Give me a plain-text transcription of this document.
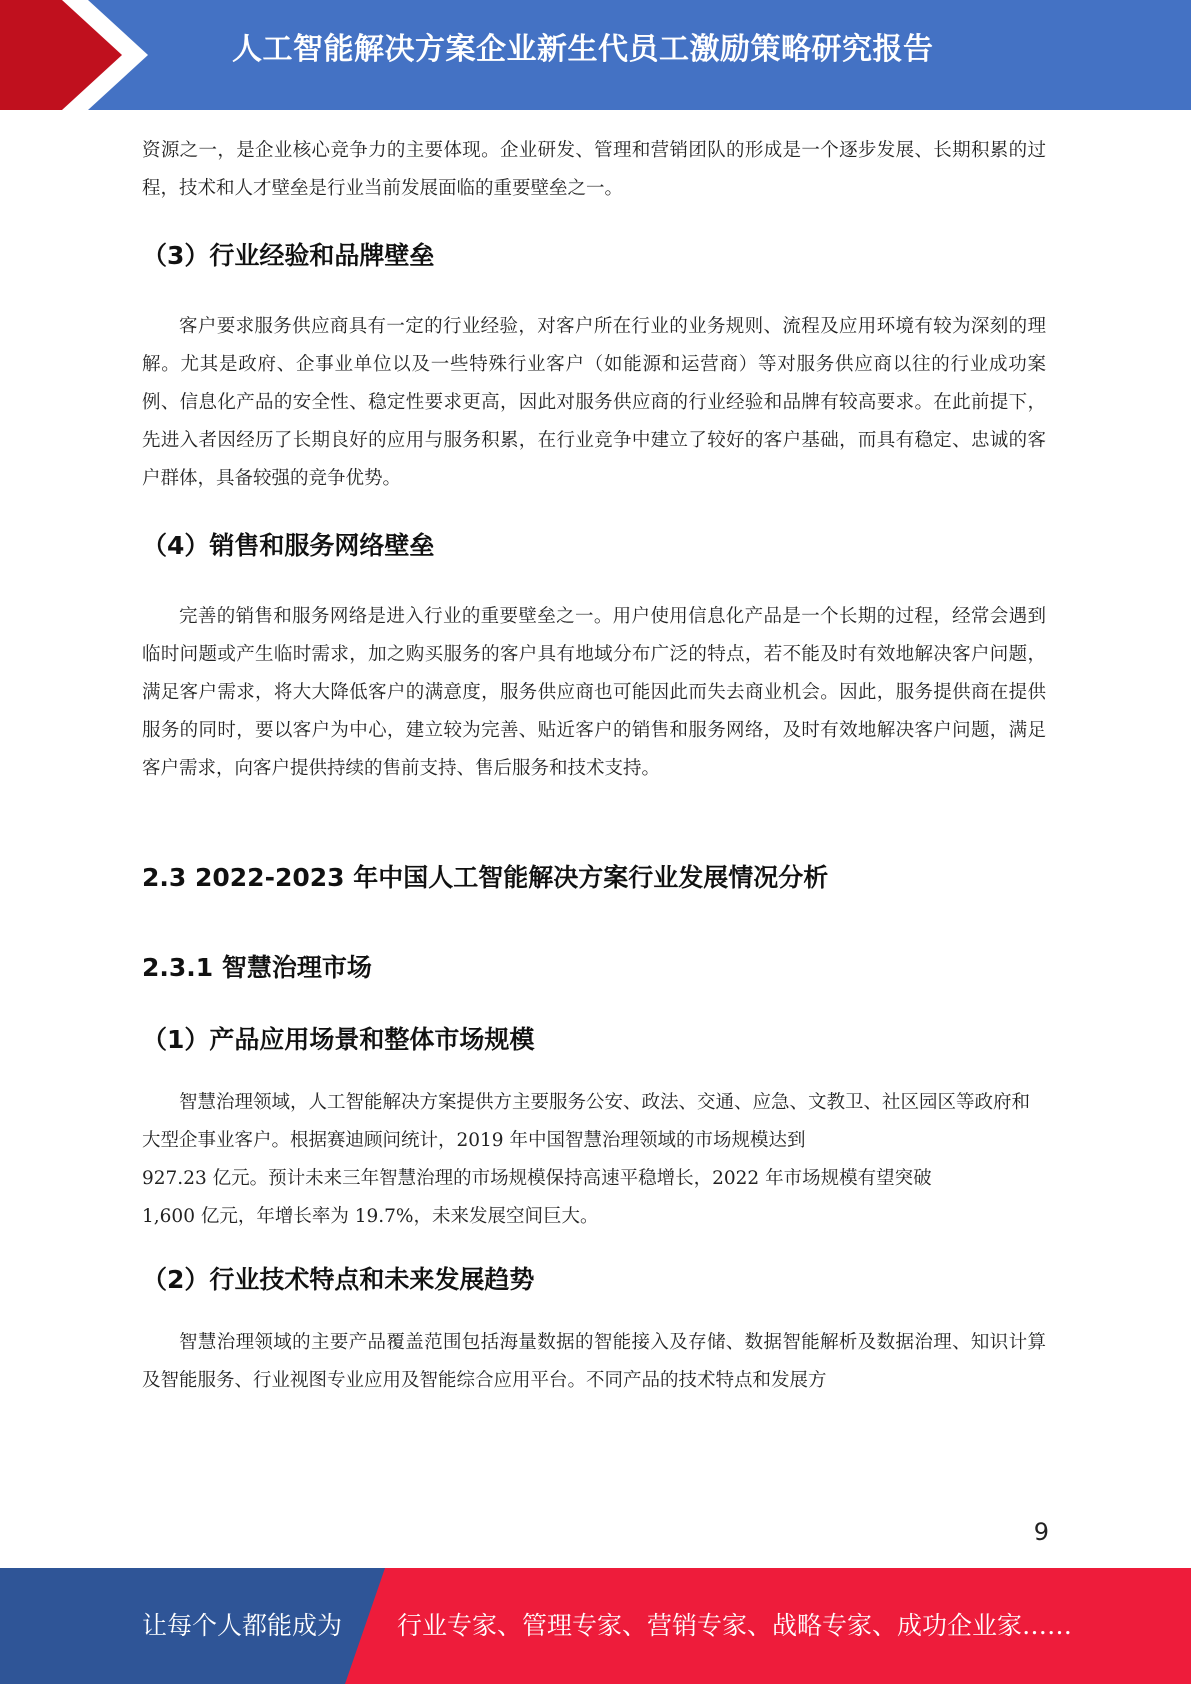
人工智能解决方案企业新生代员工激励策略研究报告

资源之一，是企业核心竞争力的主要体现。企业研发、管理和营销团队的形成是一个逐步发展、长期积累的过程，技术和人才壁垒是行业当前发展面临的重要壁垒之一。

（3）行业经验和品牌壁垒

客户要求服务供应商具有一定的行业经验，对客户所在行业的业务规则、流程及应用环境有较为深刻的理解。尤其是政府、企事业单位以及一些特殊行业客户（如能源和运营商）等对服务供应商以往的行业成功案例、信息化产品的安全性、稳定性要求更高，因此对服务供应商的行业经验和品牌有较高要求。在此前提下，先进入者因经历了长期良好的应用与服务积累，在行业竞争中建立了较好的客户基础，而具有稳定、忠诚的客户群体，具备较强的竞争优势。

（4）销售和服务网络壁垒

完善的销售和服务网络是进入行业的重要壁垒之一。用户使用信息化产品是一个长期的过程，经常会遇到临时问题或产生临时需求，加之购买服务的客户具有地域分布广泛的特点，若不能及时有效地解决客户问题，满足客户需求，将大大降低客户的满意度，服务供应商也可能因此而失去商业机会。因此，服务提供商在提供服务的同时，要以客户为中心，建立较为完善、贴近客户的销售和服务网络，及时有效地解决客户问题，满足客户需求，向客户提供持续的售前支持、售后服务和技术支持。

2.3 2022-2023 年中国人工智能解决方案行业发展情况分析
2.3.1 智慧治理市场
（1）产品应用场景和整体市场规模

智慧治理领域，人工智能解决方案提供方主要服务公安、政法、交通、应急、文教卫、社区园区等政府和大型企事业客户。根据赛迪顾问统计，2019 年中国智慧治理领域的市场规模达到

927.23 亿元。预计未来三年智慧治理的市场规模保持高速平稳增长，2022 年市场规模有望突破

1,600 亿元，年增长率为 19.7%，未来发展空间巨大。

（2）行业技术特点和未来发展趋势

智慧治理领域的主要产品覆盖范围包括海量数据的智能接入及存储、数据智能解析及数据治理、知识计算及智能服务、行业视图专业应用及智能综合应用平台。不同产品的技术特点和发展方

9
让每个人都能成为 行业专家、管理专家、营销专家、战略专家、成功企业家……
